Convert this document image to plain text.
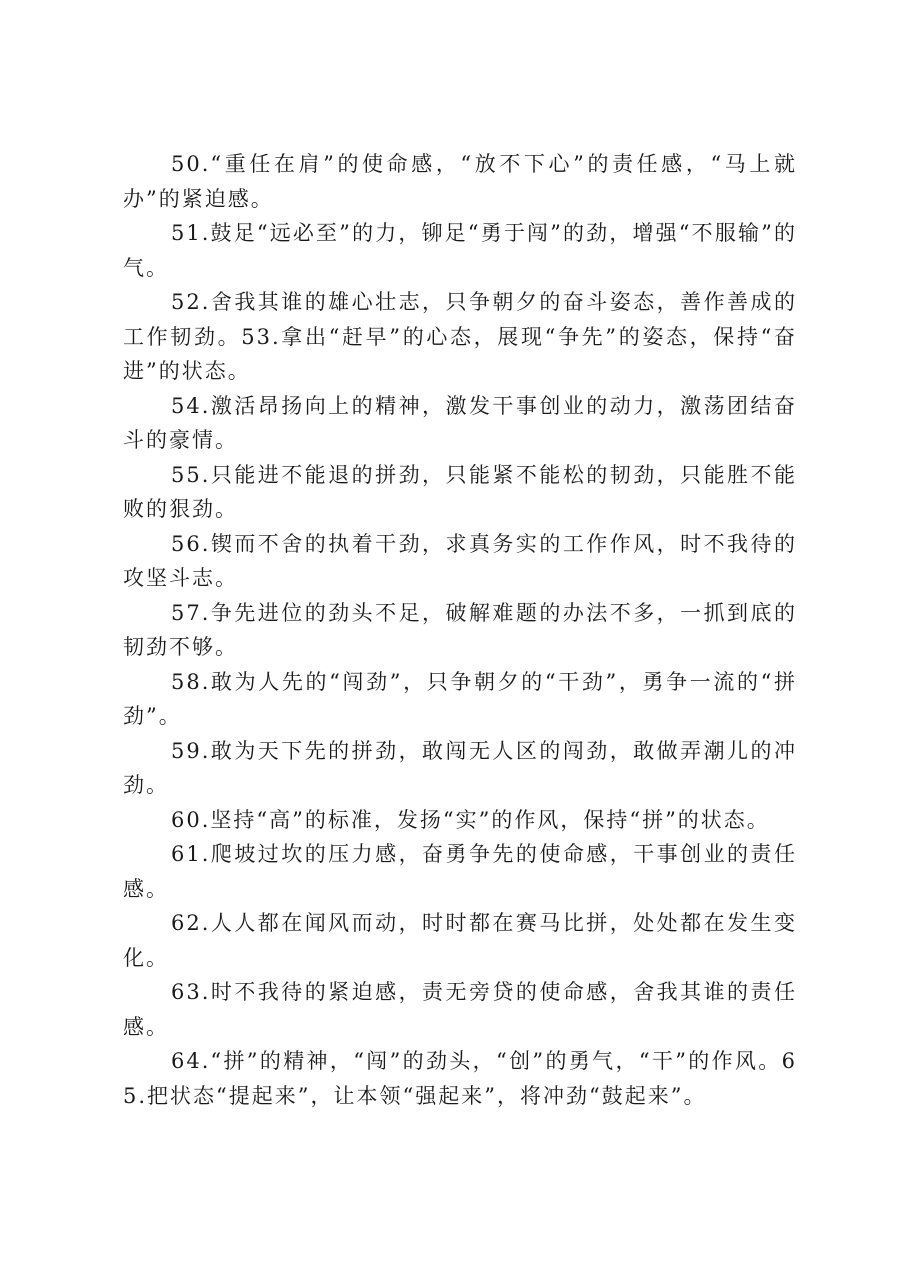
50.“重任在肩”的使命感，“放不下心”的责任感，“马上就办”的紧迫感。

51.鼓足“远必至”的力，铆足“勇于闯”的劲，增强“不服输”的气。

52.舍我其谁的雄心壮志，只争朝夕的奋斗姿态，善作善成的工作韧劲。53.拿出“赶早”的心态，展现“争先”的姿态，保持“奋进”的状态。

54.激活昂扬向上的精神，激发干事创业的动力，激荡团结奋斗的豪情。

55.只能进不能退的拼劲，只能紧不能松的韧劲，只能胜不能败的狠劲。

56.锲而不舍的执着干劲，求真务实的工作作风，时不我待的攻坚斗志。

57.争先进位的劲头不足，破解难题的办法不多，一抓到底的韧劲不够。

58.敢为人先的“闯劲”，只争朝夕的“干劲”，勇争一流的“拼劲”。

59.敢为天下先的拼劲，敢闯无人区的闯劲，敢做弄潮儿的冲劲。

60.坚持“高”的标准，发扬“实”的作风，保持“拼”的状态。

61.爬坡过坎的压力感，奋勇争先的使命感，干事创业的责任感。

62.人人都在闻风而动，时时都在赛马比拼，处处都在发生变化。

63.时不我待的紧迫感，责无旁贷的使命感，舍我其谁的责任感。

64.“拼”的精神，“闯”的劲头，“创”的勇气，“干”的作风。65.把状态“提起来”，让本领“强起来”，将冲劲“鼓起来”。
